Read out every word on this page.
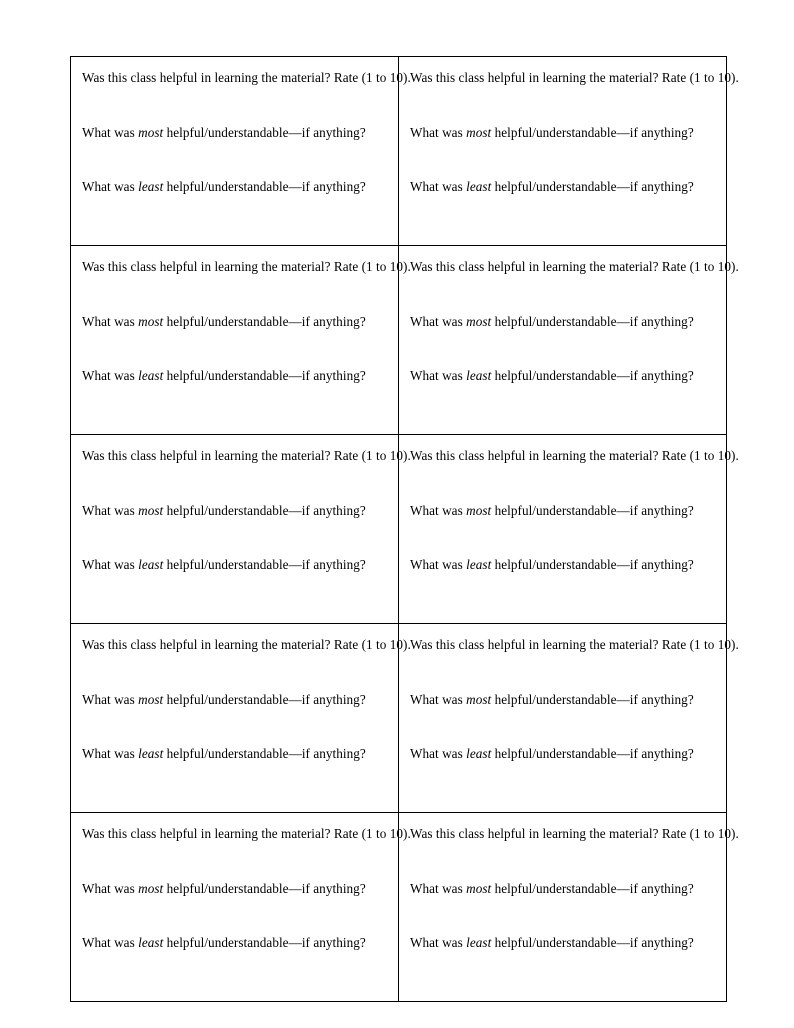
Was this class helpful in learning the material? Rate (1 to 10).

What was most helpful/understandable—if anything?

What was least helpful/understandable—if anything?

Was this class helpful in learning the material? Rate (1 to 10).

What was most helpful/understandable—if anything?

What was least helpful/understandable—if anything?

Was this class helpful in learning the material? Rate (1 to 10).

What was most helpful/understandable—if anything?

What was least helpful/understandable—if anything?

Was this class helpful in learning the material? Rate (1 to 10).

What was most helpful/understandable—if anything?

What was least helpful/understandable—if anything?

Was this class helpful in learning the material? Rate (1 to 10).

What was most helpful/understandable—if anything?

What was least helpful/understandable—if anything?

Was this class helpful in learning the material? Rate (1 to 10).

What was most helpful/understandable—if anything?

What was least helpful/understandable—if anything?

Was this class helpful in learning the material? Rate (1 to 10).

What was most helpful/understandable—if anything?

What was least helpful/understandable—if anything?

Was this class helpful in learning the material? Rate (1 to 10).

What was most helpful/understandable—if anything?

What was least helpful/understandable—if anything?

Was this class helpful in learning the material? Rate (1 to 10).

What was most helpful/understandable—if anything?

What was least helpful/understandable—if anything?

Was this class helpful in learning the material? Rate (1 to 10).

What was most helpful/understandable—if anything?

What was least helpful/understandable—if anything?
